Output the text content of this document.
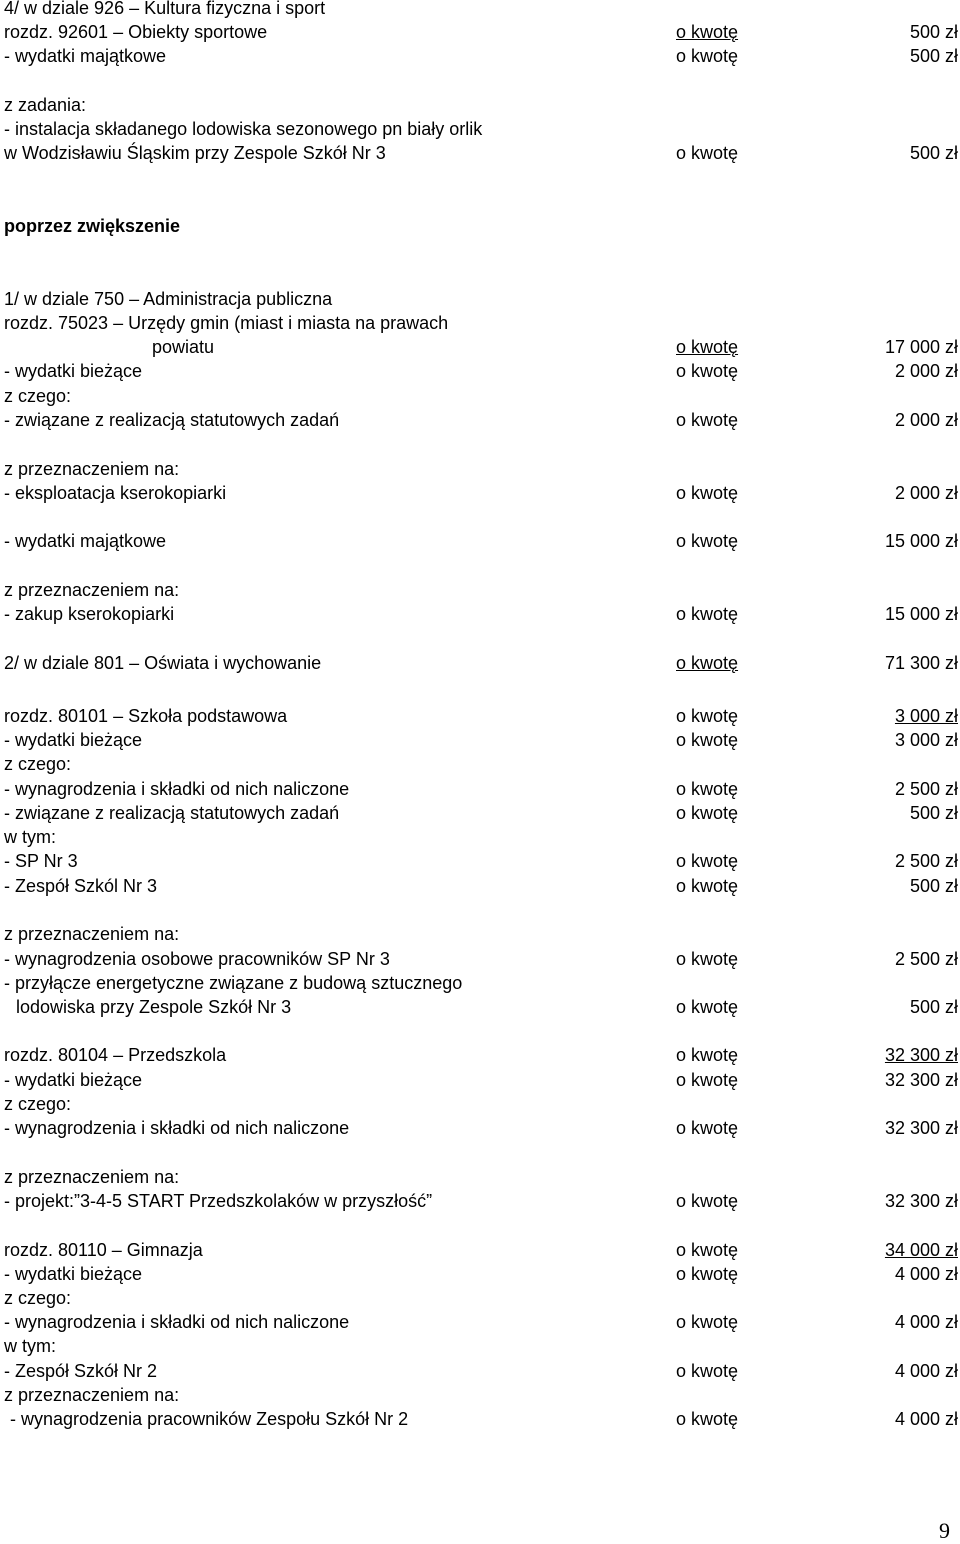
4/ w dziale 926 – Kultura fizyczna i sport
rozdz. 92601 – Obiekty sportowe	o kwotę	500 zł
- wydatki majątkowe	o kwotę	500 zł
z zadania:
- instalacja składanego lodowiska sezonowego pn biały orlik
w Wodzisławiu Śląskim przy Zespole Szkół Nr 3	o kwotę	500 zł
poprzez zwiększenie
1/ w dziale 750 – Administracja publiczna
rozdz. 75023 – Urzędy gmin (miast i miasta na prawach
powiatu	o kwotę	17 000 zł
- wydatki bieżące	o kwotę	2 000 zł
z czego:
- związane z realizacją statutowych zadań	o kwotę	2 000 zł
z przeznaczeniem na:
- eksploatacja kserokopiarki	o kwotę	2 000 zł
- wydatki majątkowe	o kwotę	15 000 zł
z przeznaczeniem na:
- zakup kserokopiarki	o kwotę	15 000 zł
2/ w dziale 801 – Oświata i wychowanie	o kwotę	71 300 zł
rozdz. 80101 – Szkoła podstawowa	o kwotę	3 000 zł
- wydatki bieżące	o kwotę	3 000 zł
z czego:
- wynagrodzenia i składki od nich naliczone	o kwotę	2 500 zł
- związane z realizacją statutowych zadań	o kwotę	500 zł
w tym:
- SP Nr 3	o kwotę	2 500 zł
- Zespół Szkól Nr 3	o kwotę	500 zł
z przeznaczeniem na:
- wynagrodzenia osobowe pracowników SP Nr 3	o kwotę	2 500 zł
- przyłącze energetyczne związane z budową sztucznego
lodowiska przy Zespole Szkół Nr 3	o kwotę	500 zł
rozdz. 80104 – Przedszkola	o kwotę	32 300 zł
- wydatki bieżące	o kwotę	32 300 zł
z czego:
- wynagrodzenia i składki od nich naliczone	o kwotę	32 300 zł
z przeznaczeniem na:
- projekt:”3-4-5 START Przedszkolaków w przyszłość”	o kwotę	32 300 zł
rozdz. 80110 – Gimnazja	o kwotę	34 000 zł
- wydatki bieżące	o kwotę	4 000 zł
z czego:
- wynagrodzenia i składki od nich naliczone	o kwotę	4 000 zł
w tym:
- Zespół Szkół Nr 2	o kwotę	4 000 zł
z przeznaczeniem na:
- wynagrodzenia pracowników Zespołu Szkół Nr 2	o kwotę	4 000 zł
9
